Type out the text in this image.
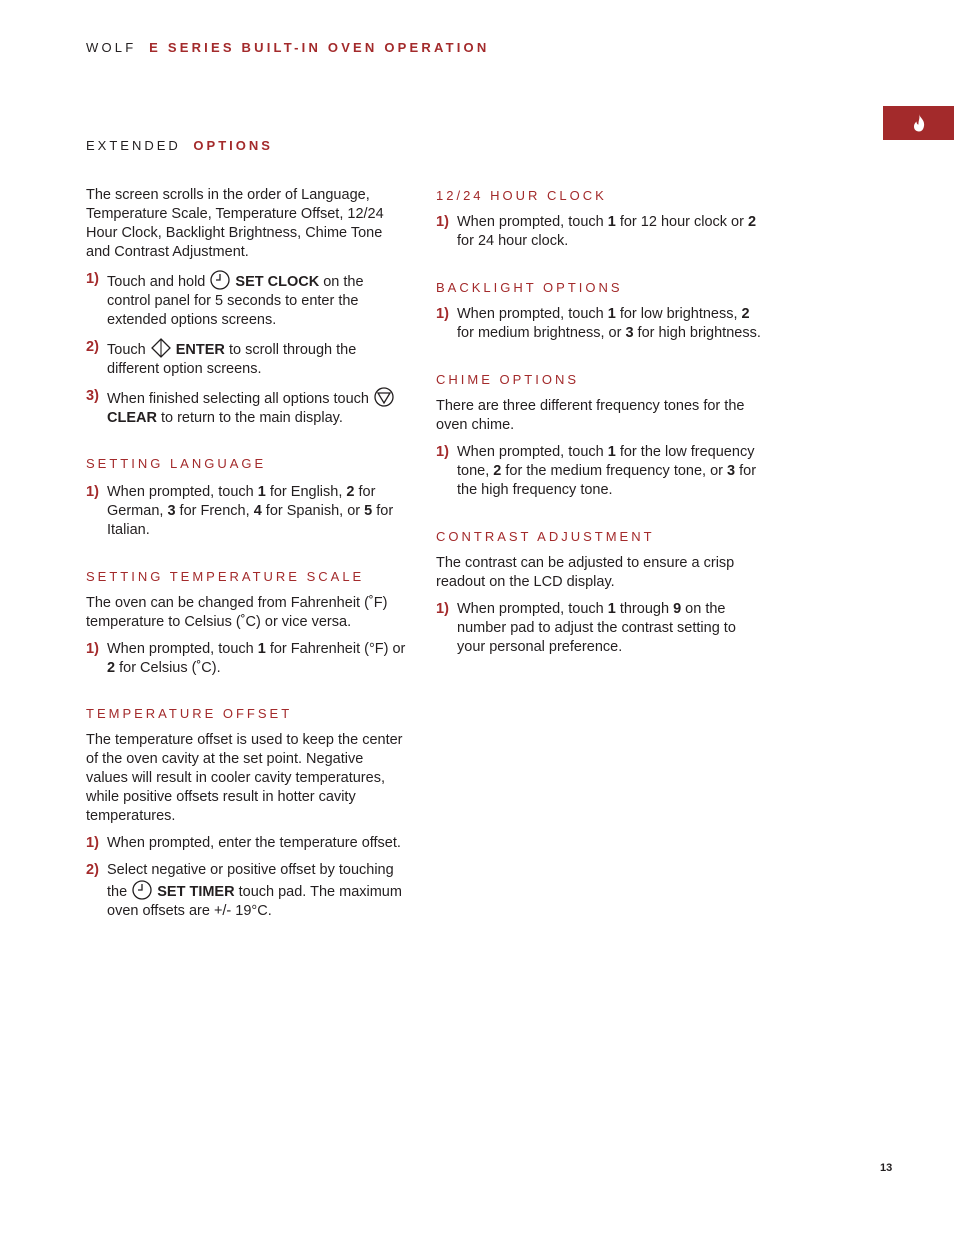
WOLF E SERIES BUILT-IN OVEN OPERATION
EXTENDED OPTIONS

The screen scrolls in the order of Language, Temperature Scale, Temperature Offset, 12/24 Hour Clock, Backlight Brightness, Chime Tone and Contrast Adjustment.

1) Touch and hold SET CLOCK on the control panel for 5 seconds to enter the extended options screens.
2) Touch ENTER to scroll through the different option screens.
3) When finished selecting all options touch
CLEAR to return to the main display.
SETTING LANGUAGE
1) When prompted, touch 1 for English, 2 for German, 3 for French, 4 for Spanish, or 5 for Italian.
SETTING TEMPERATURE SCALE

The oven can be changed from Fahrenheit (˚F) temperature to Celsius (˚C) or vice versa.

1) When prompted, touch 1 for Fahrenheit (°F) or 2 for Celsius (˚C).
TEMPERATURE OFFSET

The temperature offset is used to keep the center of the oven cavity at the set point. Negative values will result in cooler cavity temperatures, while positive offsets result in hotter cavity temperatures.

1) When prompted, enter the temperature offset.
2) Select negative or positive offset by touching the SET TIMER touch pad. The maximum oven offsets are +/- 19°C.
12/24 HOUR CLOCK
1) When prompted, touch 1 for 12 hour clock or 2 for 24 hour clock.
BACKLIGHT OPTIONS
1) When prompted, touch 1 for low brightness, 2 for medium brightness, or 3 for high brightness.
CHIME OPTIONS

There are three different frequency tones for the oven chime.

1) When prompted, touch 1 for the low frequency tone, 2 for the medium frequency tone, or 3 for the high frequency tone.
CONTRAST ADJUSTMENT

The contrast can be adjusted to ensure a crisp readout on the LCD display.

1) When prompted, touch 1 through 9 on the number pad to adjust the contrast setting to your personal preference.
13
